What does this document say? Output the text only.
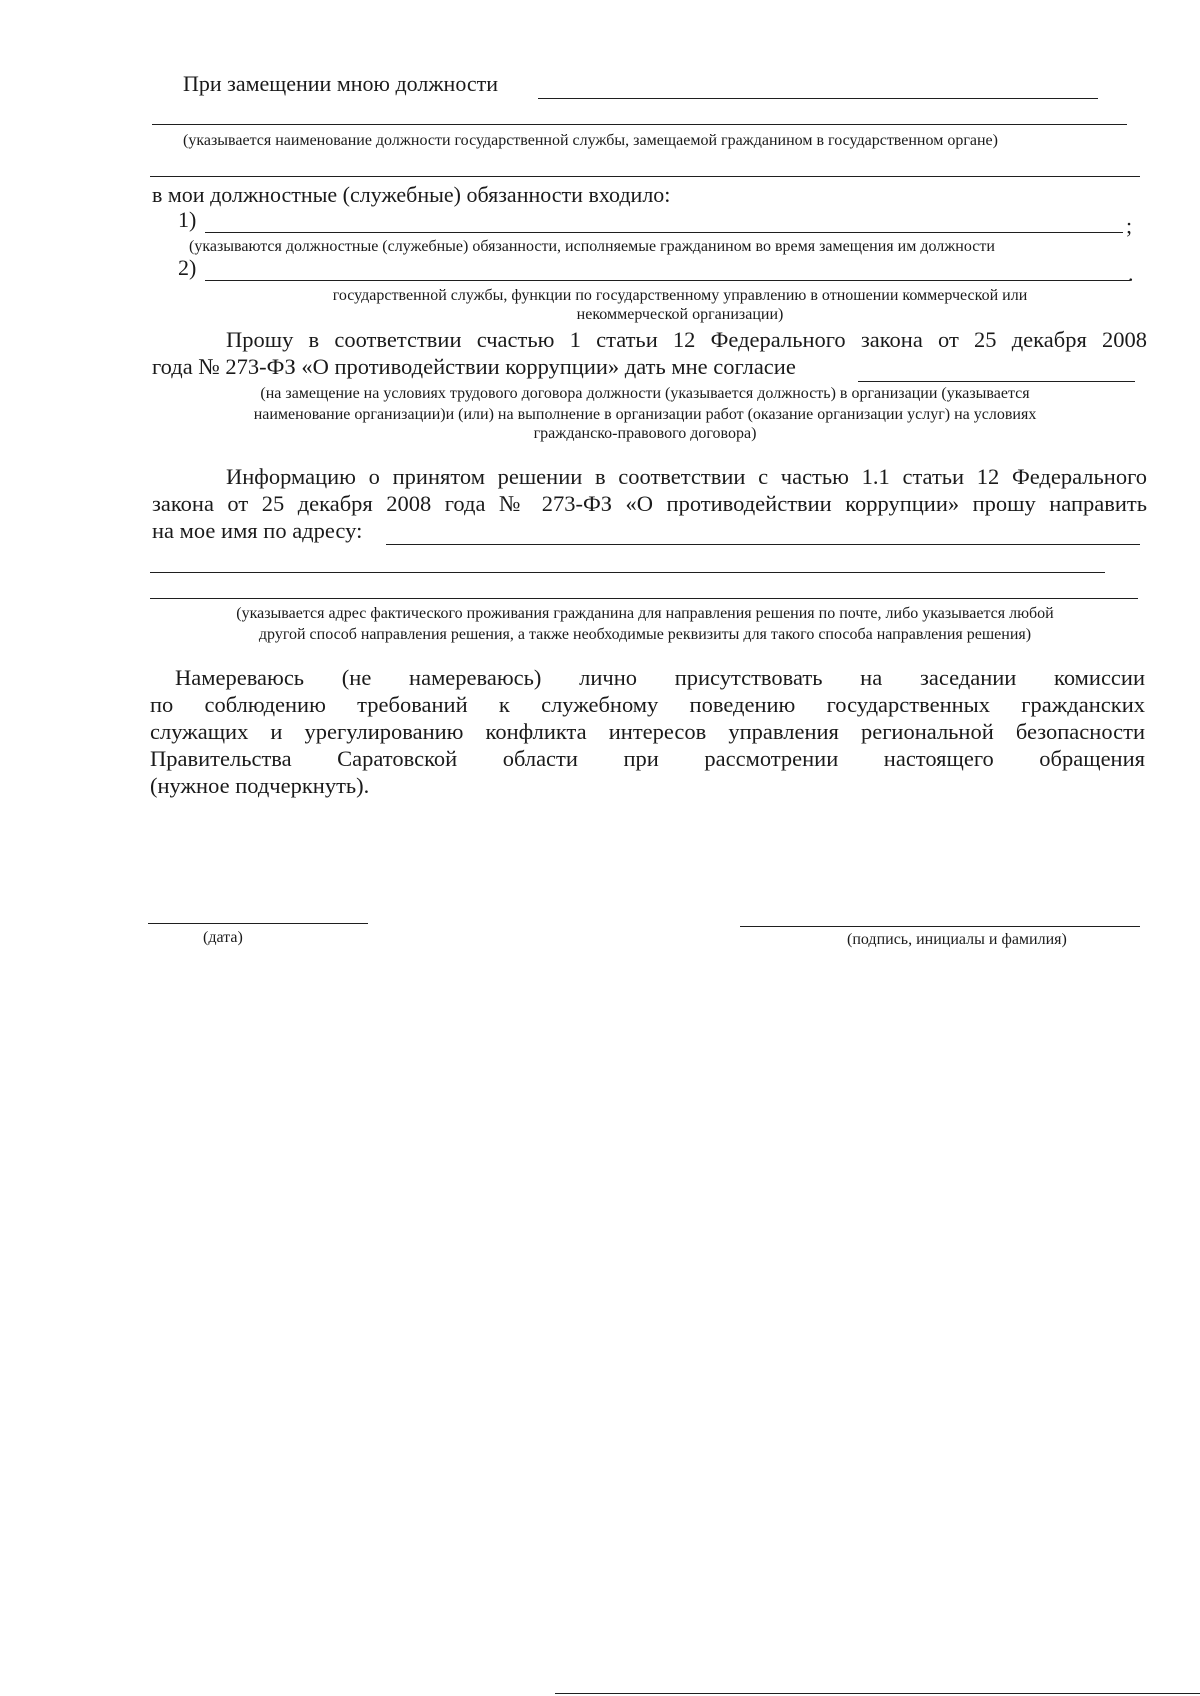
При замещении мною должности
(указывается наименование должности государственной службы, замещаемой гражданином в государственном органе)
в мои должностные (служебные) обязанности входило:
1)	;
(указываются должностные (служебные) обязанности, исполняемые гражданином во время замещения им должности
2)	.
государственной службы, функции по государственному управлению в отношении коммерческой или
некоммерческой организации)
Прошу в соответствии счастью 1 статьи 12 Федерального закона от 25 декабря 2008
года № 273-ФЗ «О противодействии коррупции» дать мне согласие
(на замещение на условиях трудового договора должности (указывается должность) в организации (указывается
наименование организации)и (или) на выполнение в организации работ (оказание организации услуг) на условиях
гражданско-правового договора)
Информацию о принятом решении в соответствии с частью 1.1 статьи 12 Федерального
закона от 25 декабря 2008 года № 273-ФЗ «О противодействии коррупции» прошу направить
на мое имя по адресу:
(указывается адрес фактического проживания гражданина для направления решения по почте, либо указывается любой
другой способ направления решения, а также необходимые реквизиты для такого способа направления решения)
Намереваюсь (не намереваюсь) лично присутствовать на заседании комиссии
по соблюдению требований к служебному поведению государственных гражданских
служащих и урегулированию конфликта интересов управления региональной безопасности
Правительства Саратовской области при рассмотрении настоящего обращения
(нужное подчеркнуть).
(дата)	(подпись, инициалы и фамилия)
